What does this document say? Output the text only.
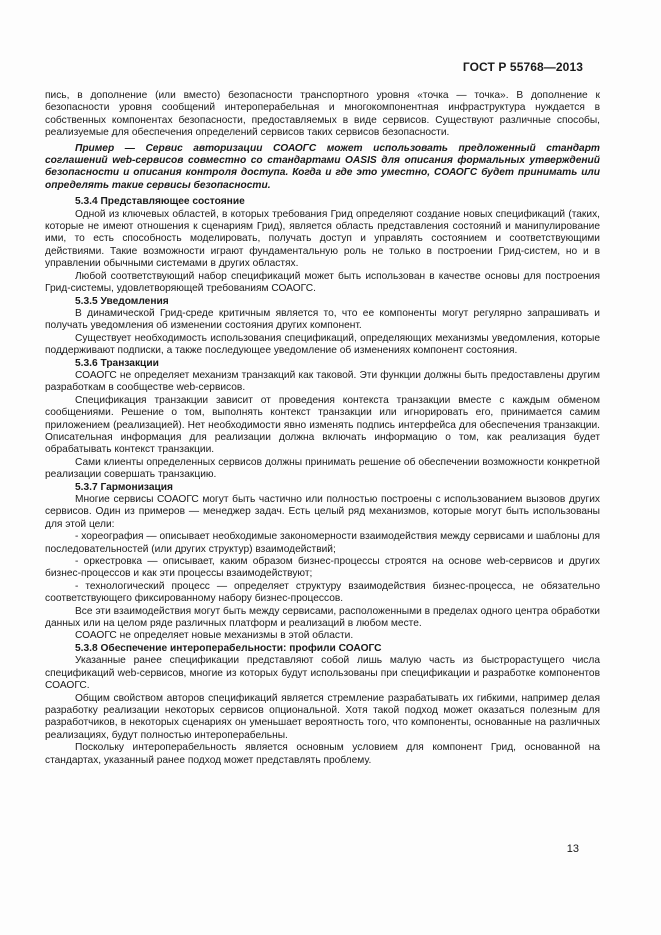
ГОСТ Р 55768—2013

пись, в дополнение (или вместо) безопасности транспортного уровня «точка — точка». В дополнение к безопасности уровня сообщений интероперабельная и многокомпонентная инфраструктура нуждается в собственных компонентах безопасности, предоставляемых в виде сервисов. Существуют различные способы, реализуемые для обеспечения определений сервисов таких сервисов безопасности.

Пример — Сервис авторизации СОАОГС может использовать предложенный стандарт соглашений web-сервисов совместно со стандартами OASIS для описания формальных утверждений безопасности и описания контроля доступа. Когда и где это уместно, СОАОГС будет принимать или определять такие сервисы безопасности.

5.3.4 Представляющее состояние

Одной из ключевых областей, в которых требования Грид определяют создание новых спецификаций (таких, которые не имеют отношения к сценариям Грид), является область представления состояний и манипулирование ими, то есть способность моделировать, получать доступ и управлять состоянием и соответствующими действиями. Такие возможности играют фундаментальную роль не только в построении Грид-систем, но и в управлении обычными системами в других областях.

Любой соответствующий набор спецификаций может быть использован в качестве основы для построения Грид-системы, удовлетворяющей требованиям СОАОГС.

5.3.5 Уведомления

В динамической Грид-среде критичным является то, что ее компоненты могут регулярно запрашивать и получать уведомления об изменении состояния других компонент.

Существует необходимость использования спецификаций, определяющих механизмы уведомления, которые поддерживают подписки, а также последующее уведомление об изменениях компонент состояния.

5.3.6 Транзакции

СОАОГС не определяет механизм транзакций как таковой. Эти функции должны быть предоставлены другим разработкам в сообществе web-сервисов.

Спецификация транзакции зависит от проведения контекста транзакции вместе с каждым обменом сообщениями. Решение о том, выполнять контекст транзакции или игнорировать его, принимается самим приложением (реализацией). Нет необходимости явно изменять подпись интерфейса для обеспечения транзакции. Описательная информация для реализации должна включать информацию о том, как реализация будет обрабатывать контекст транзакции.

Сами клиенты определенных сервисов должны принимать решение об обеспечении возможности конкретной реализации совершать транзакцию.

5.3.7 Гармонизация

Многие сервисы СОАОГС могут быть частично или полностью построены с использованием вызовов других сервисов. Один из примеров — менеджер задач. Есть целый ряд механизмов, которые могут быть использованы для этой цели:

- хореография — описывает необходимые закономерности взаимодействия между сервисами и шаблоны для последовательностей (или других структур) взаимодействий;

- оркестровка — описывает, каким образом бизнес-процессы строятся на основе web-сервисов и других бизнес-процессов и как эти процессы взаимодействуют;

- технологический процесс — определяет структуру взаимодействия бизнес-процесса, не обязательно соответствующего фиксированному набору бизнес-процессов.

Все эти взаимодействия могут быть между сервисами, расположенными в пределах одного центра обработки данных или на целом ряде различных платформ и реализаций в любом месте.

СОАОГС не определяет новые механизмы в этой области.

5.3.8 Обеспечение интероперабельности: профили СОАОГС

Указанные ранее спецификации представляют собой лишь малую часть из быстрорастущего числа спецификаций web-сервисов, многие из которых будут использованы при спецификации и разработке компонентов СОАОГС.

Общим свойством авторов спецификаций является стремление разрабатывать их гибкими, например делая разработку реализации некоторых сервисов опциональной. Хотя такой подход может оказаться полезным для разработчиков, в некоторых сценариях он уменьшает вероятность того, что компоненты, основанные на различных реализациях, будут полностью интероперабельны.

Поскольку интероперабельность является основным условием для компонент Грид, основанной на стандартах, указанный ранее подход может представлять проблему.

13
